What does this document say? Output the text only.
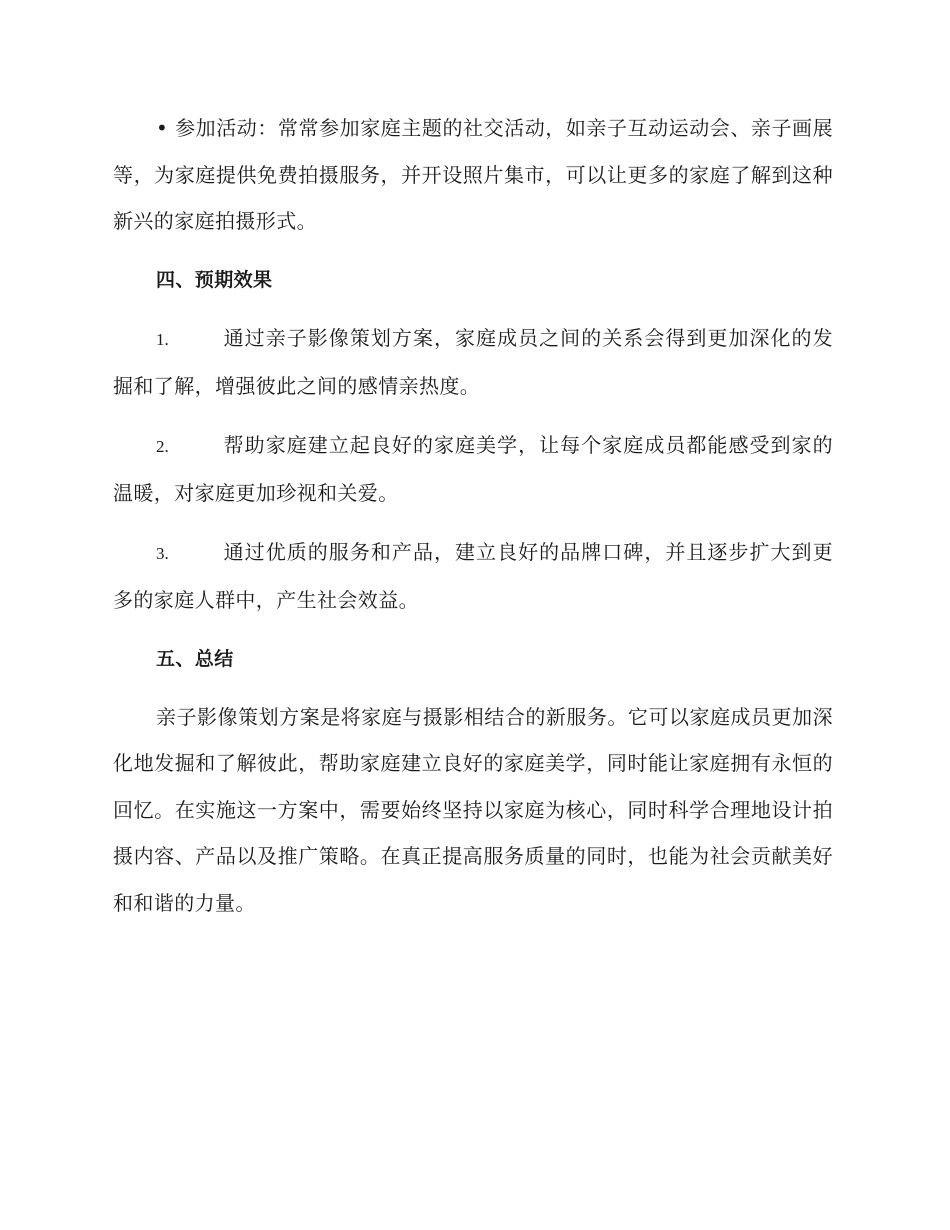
• 参加活动：常常参加家庭主题的社交活动，如亲子互动运动会、亲子画展等，为家庭提供免费拍摄服务，并开设照片集市，可以让更多的家庭了解到这种新兴的家庭拍摄形式。

四、预期效果

1.	通过亲子影像策划方案，家庭成员之间的关系会得到更加深化的发掘和了解，增强彼此之间的感情亲热度。

2.	帮助家庭建立起良好的家庭美学，让每个家庭成员都能感受到家的温暖，对家庭更加珍视和关爱。

3.	通过优质的服务和产品，建立良好的品牌口碑，并且逐步扩大到更多的家庭人群中，产生社会效益。

五、总结

亲子影像策划方案是将家庭与摄影相结合的新服务。它可以家庭成员更加深化地发掘和了解彼此，帮助家庭建立良好的家庭美学，同时能让家庭拥有永恒的回忆。在实施这一方案中，需要始终坚持以家庭为核心，同时科学合理地设计拍摄内容、产品以及推广策略。在真正提高服务质量的同时，也能为社会贡献美好和和谐的力量。
